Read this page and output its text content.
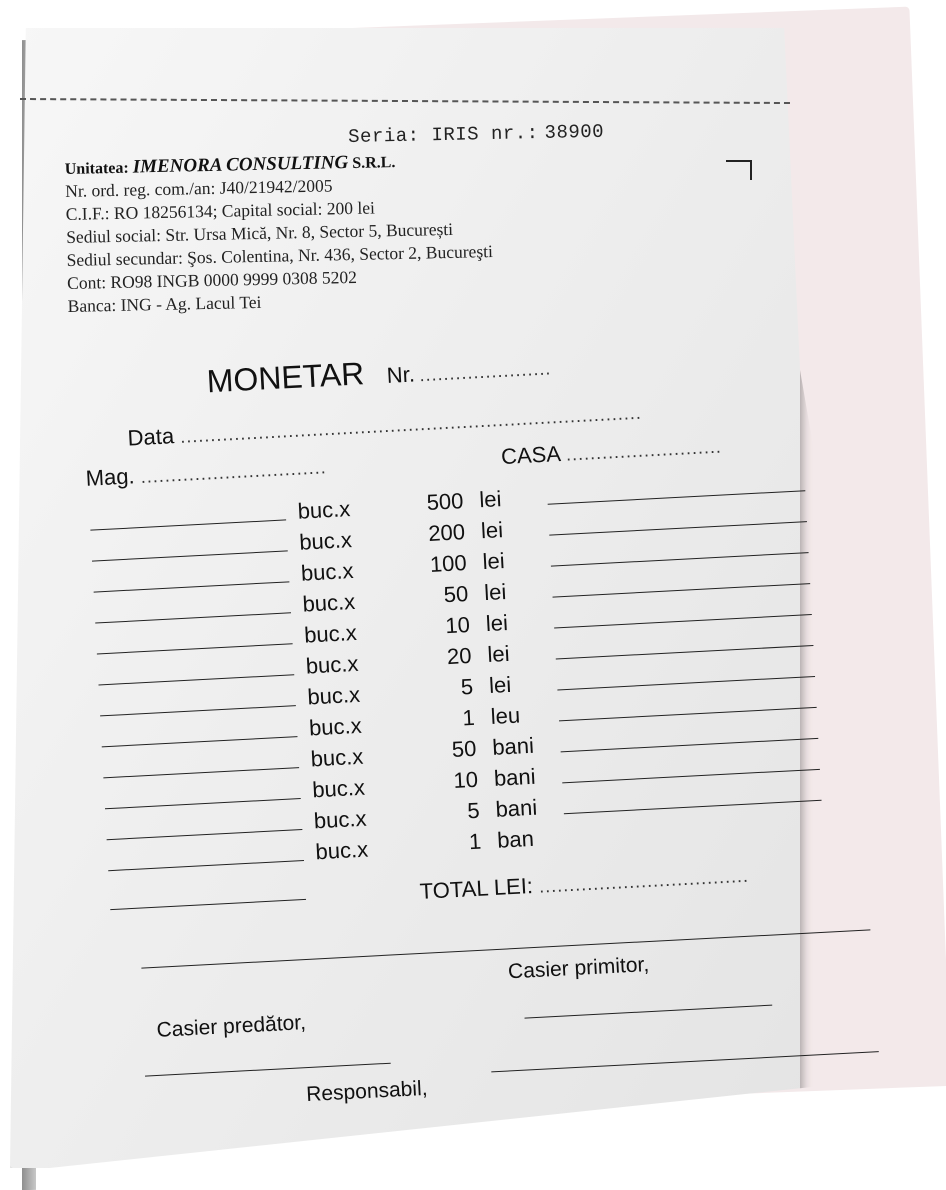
Seria: IRIS nr.: 38900
Unitatea: IMENORA CONSULTING S.R.L.
Nr. ord. reg. com./an: J40/21942/2005
C.I.F.: RO 18256134; Capital social: 200 lei
Sediul social: Str. Ursa Mică, Nr. 8, Sector 5, București
Sediul secundar: Şos. Colentina, Nr. 436, Sector 2, Bucureşti
Cont: RO98 INGB 0000 9999 0308 5202
Banca: ING - Ag. Lacul Tei
MONETAR Nr. ......................
Data .............................................................................
Mag. ...............................
CASA ..........................
buc.x	500 lei
buc.x	200 lei
buc.x	100 lei
buc.x	50 lei
buc.x	10 lei
buc.x	20 lei
buc.x	5 lei
buc.x	1 leu
buc.x	50 bani
buc.x	10 bani
buc.x	5 bani
buc.x	1 ban
TOTAL LEI: ...................................
Casier primitor,
Casier predător,
Responsabil,
